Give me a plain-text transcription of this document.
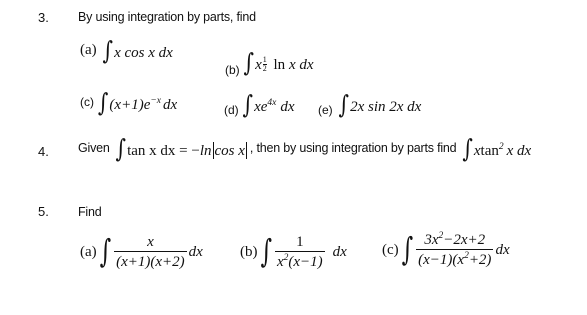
3. By using integration by parts, find
(a) ∫x cos x dx
(b) $\int x \frac{1}{2}$ ln x dx
(c) $\int(x+1)e^{-x}$ dx	(d) $\int xe^{4x}$ dx (e) ∫2x sin 2x dx
4. Given ∫tan x dx = −ln cos x , then by using integration by parts find ∫xtan$^2$ x dx
5. Find
(a) ∫ $\frac{x}{(x+1)(x+2)}$ dx (b) ∫ $\frac{1}{x^2(x-1)}$ dx (c) ∫ $\frac{3x^2-2x+2}{(x-1)(x^2+2)}$ dx
